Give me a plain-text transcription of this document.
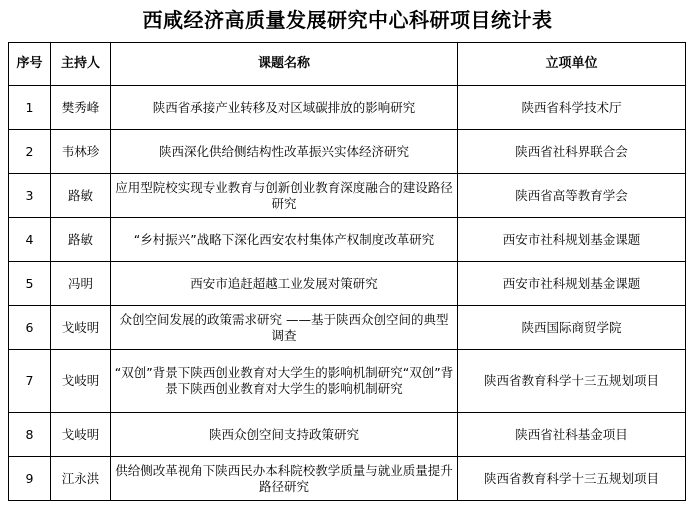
西咸经济高质量发展研究中心科研项目统计表
序号	主持人	课题名称	立项单位
1	樊秀峰	陕西省承接产业转移及对区域碳排放的影响研究	陕西省科学技术厅
2	韦林珍	陕西深化供给侧结构性改革振兴实体经济研究	陕西省社科界联合会
3	路敏	应用型院校实现专业教育与创新创业教育深度融合的建设路径研究	陕西省高等教育学会
4	路敏	“乡村振兴”战略下深化西安农村集体产权制度改革研究	西安市社科规划基金课题
5	冯明	西安市追赶超越工业发展对策研究	西安市社科规划基金课题
6	戈岐明	众创空间发展的政策需求研究 ——基于陕西众创空间的典型调查	陕西国际商贸学院
7	戈岐明	“双创”背景下陕西创业教育对大学生的影响机制研究“双创”背景下陕西创业教育对大学生的影响机制研究	陕西省教育科学十三五规划项目
8	戈岐明	陕西众创空间支持政策研究	陕西省社科基金项目
9	江永洪	供给侧改革视角下陕西民办本科院校教学质量与就业质量提升路径研究	陕西省教育科学十三五规划项目
